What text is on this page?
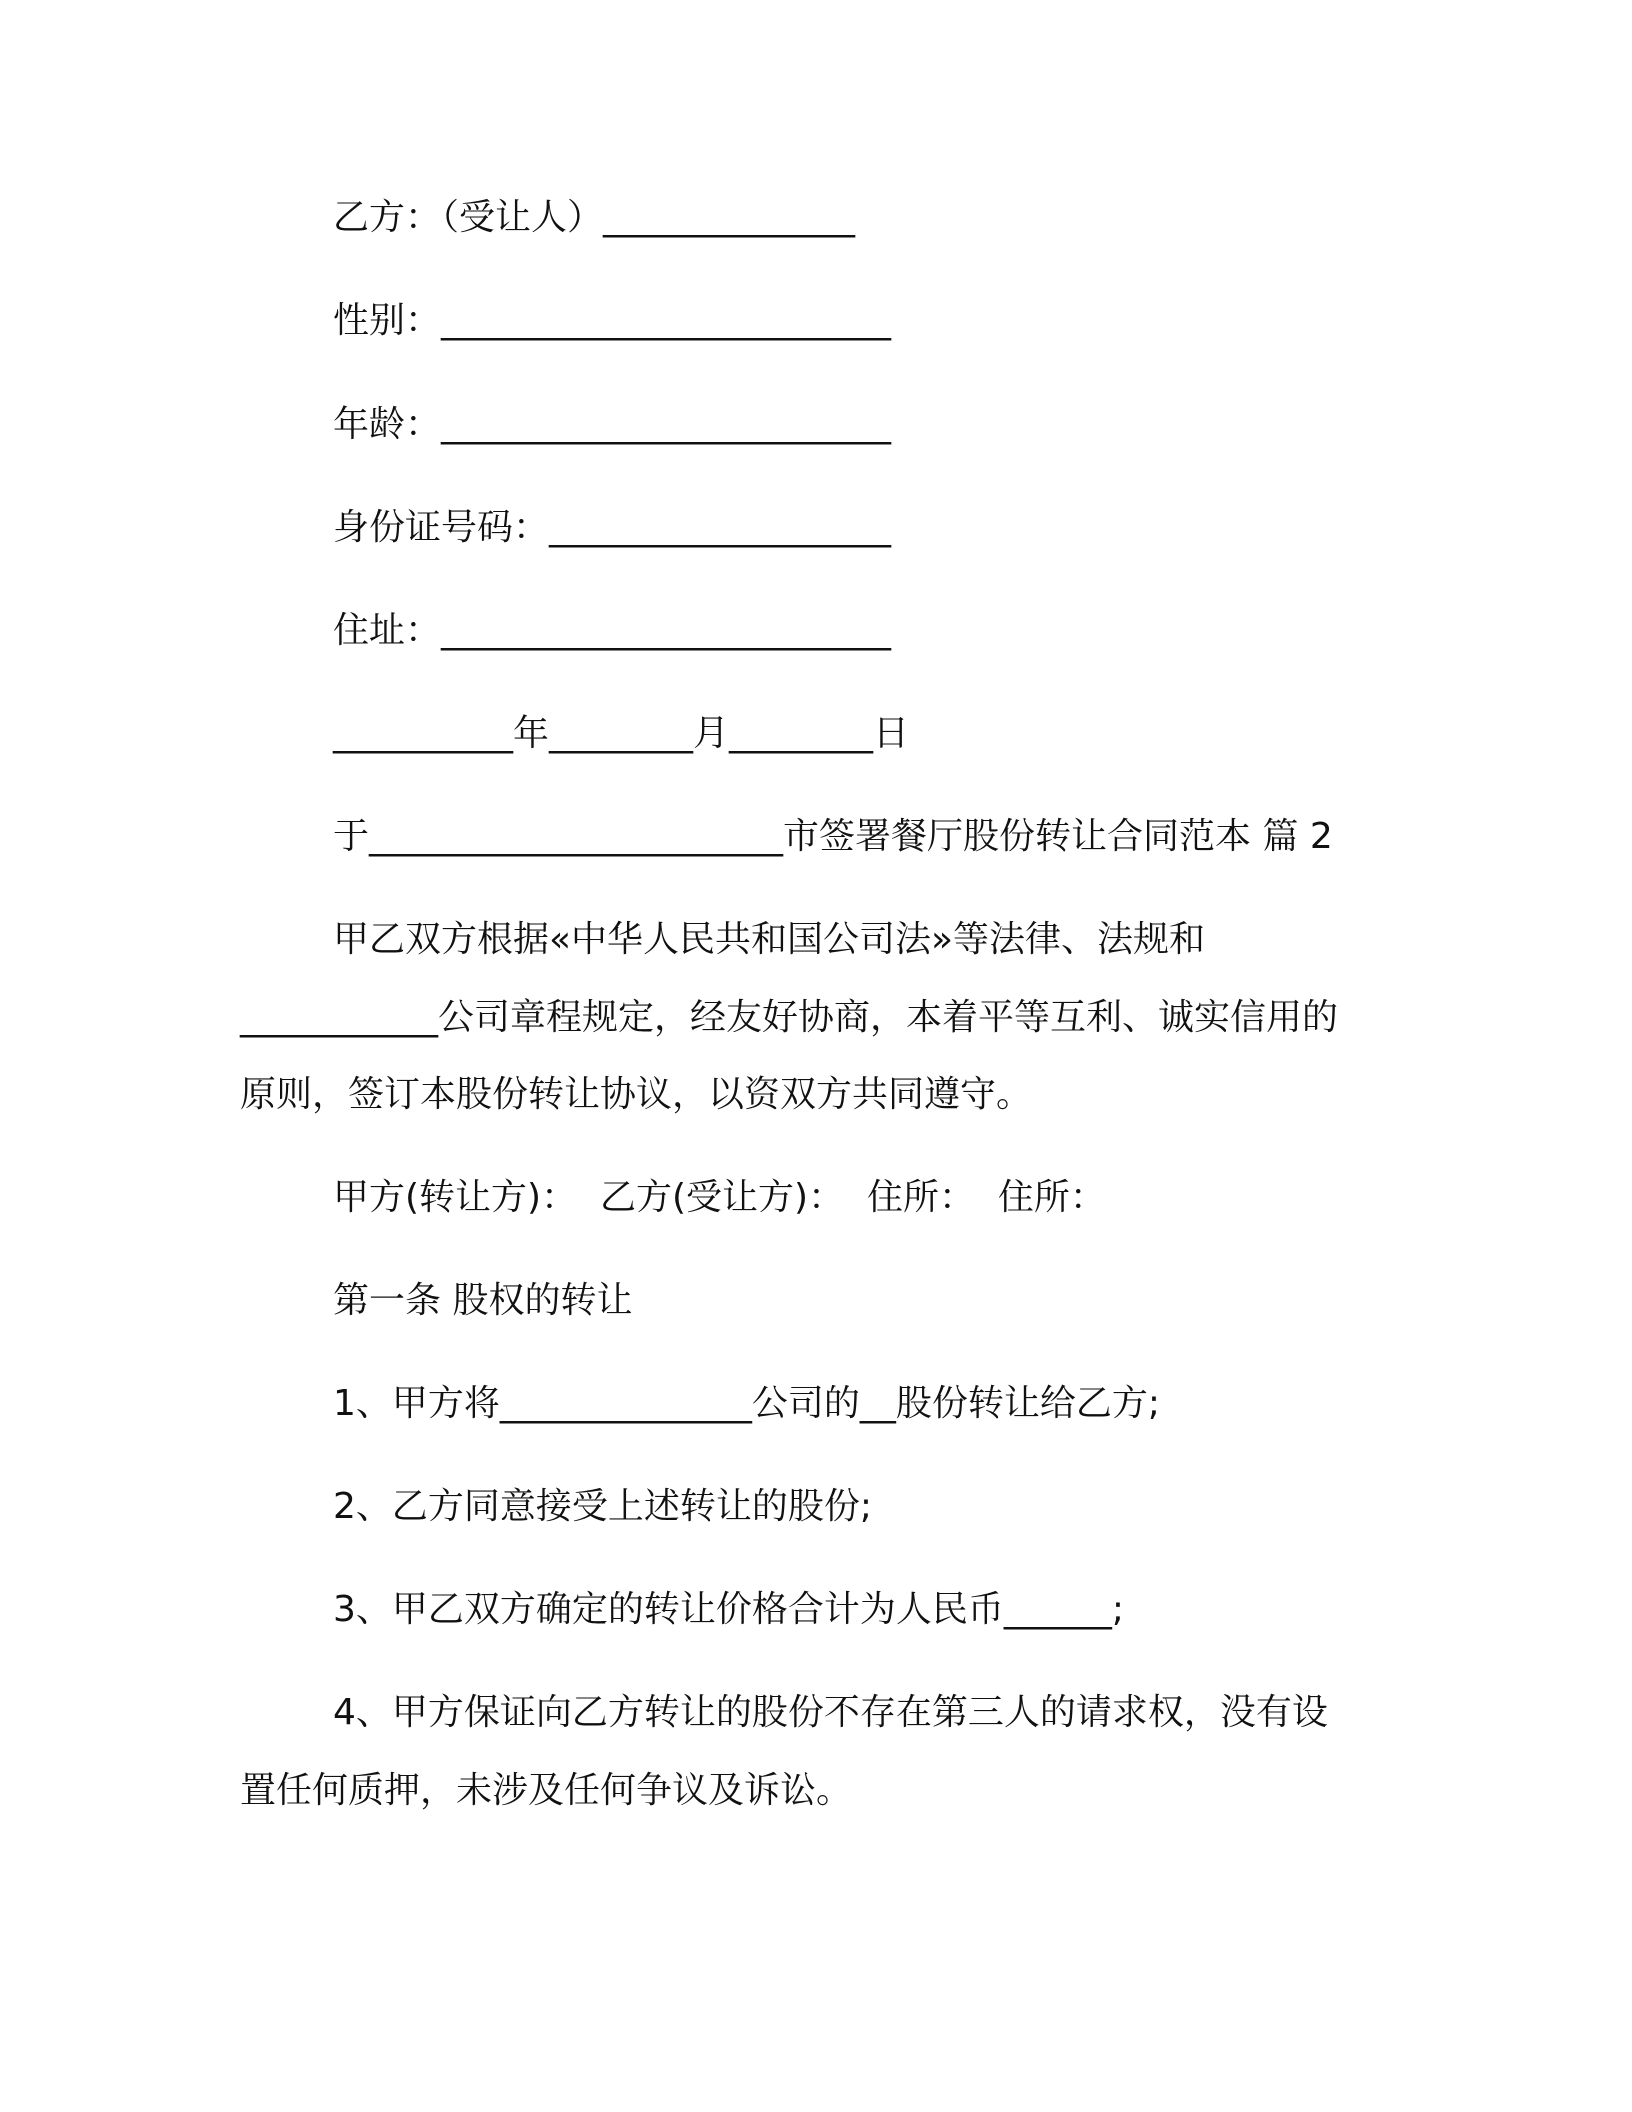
乙方：（受让人）______________
性别：_________________________
年龄：_________________________
身份证号码：___________________
住址：_________________________
__________年________月________日
于_______________________市签署餐厅股份转让合同范本 篇 2
甲乙双方根据«中华人民共和国公司法»等法律、法规和
___________公司章程规定，经友好协商，本着平等互利、诚实信用的
原则，签订本股份转让协议，以资双方共同遵守。
甲方(转让方)：  乙方(受让方)：  住所：  住所：
第一条 股权的转让
1、甲方将______________公司的__股份转让给乙方;
2、乙方同意接受上述转让的股份;
3、甲乙双方确定的转让价格合计为人民币______;
4、甲方保证向乙方转让的股份不存在第三人的请求权，没有设
置任何质押，未涉及任何争议及诉讼。
